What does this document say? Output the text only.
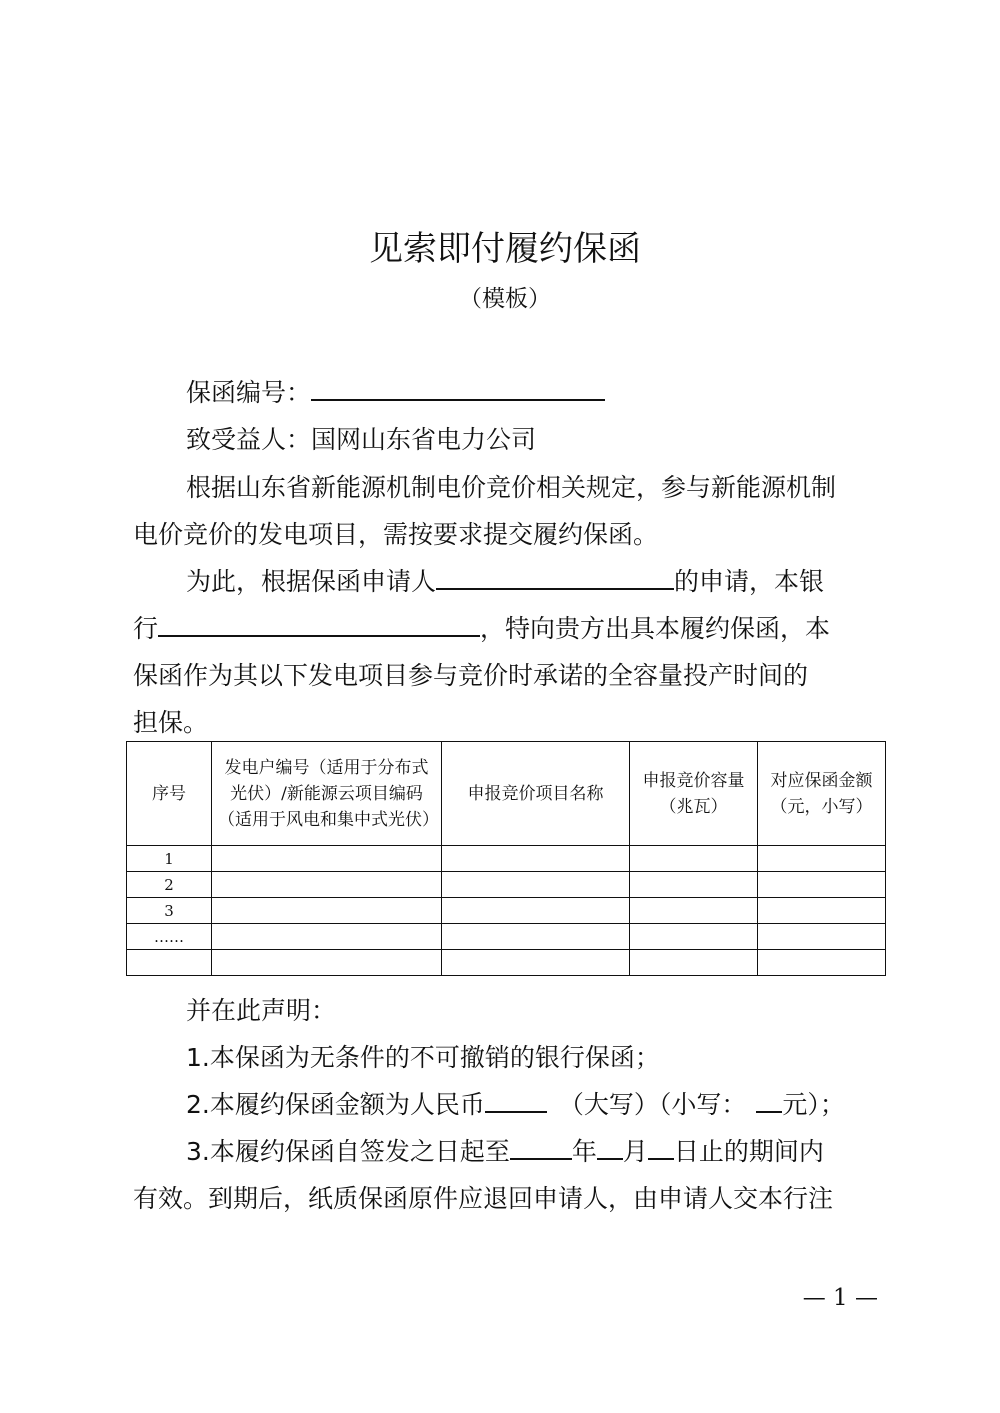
见索即付履约保函
（模板）
保函编号：
致受益人：国网山东省电力公司
根据山东省新能源机制电价竞价相关规定，参与新能源机制
电价竞价的发电项目，需按要求提交履约保函。
为此，根据保函申请人	的申请，本银
行	，特向贵方出具本履约保函，本
保函作为其以下发电项目参与竞价时承诺的全容量投产时间的
担保。
序号	发电户编号（适用于分布式光伏）/新能源云项目编码（适用于风电和集中式光伏）	申报竞价项目名称	申报竞价容量（兆瓦）	对应保函金额（元，小写）
1				
2				
3				
……				

并在此声明：
1.本保函为无条件的不可撤销的银行保函；
2.本履约保函金额为人民币	（大写）（小写： 元）；
3.本履约保函自签发之日起至 年 月 日止的期间内
有效。到期后，纸质保函原件应退回申请人，由申请人交本行注
— 1 —
